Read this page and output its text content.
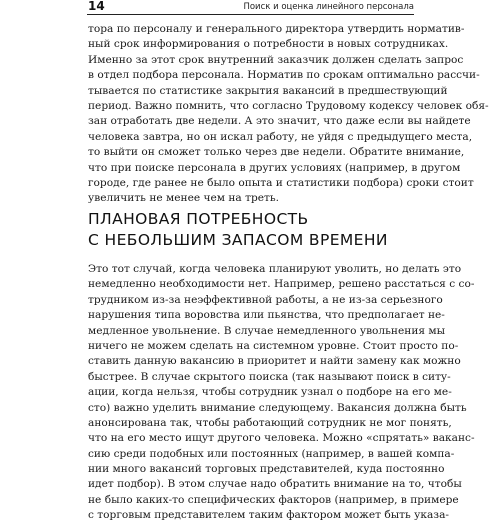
14	Поиск и оценка линейного персонала
тора по персоналу и генерального директора утвердить норматив-
ный срок информирования о потребности в новых сотрудниках.
Именно за этот срок внутренний заказчик должен сделать запрос
в отдел подбора персонала. Норматив по срокам оптимально рассчи-
тывается по статистике закрытия вакансий в предшествующий
период. Важно помнить, что согласно Трудовому кодексу человек обя-
зан отработать две недели. А это значит, что даже если вы найдете
человека завтра, но он искал работу, не уйдя с предыдущего места,
то выйти он сможет только через две недели. Обратите внимание,
что при поиске персонала в других условиях (например, в другом
городе, где ранее не было опыта и статистики подбора) сроки стоит
увеличить не менее чем на треть.
ПЛАНОВАЯ ПОТРЕБНОСТЬ
С НЕБОЛЬШИМ ЗАПАСОМ ВРЕМЕНИ
Это тот случай, когда человека планируют уволить, но делать это
немедленно необходимости нет. Например, решено расстаться с со-
трудником из-за неэффективной работы, а не из-за серьезного
нарушения типа воровства или пьянства, что предполагает не-
медленное увольнение. В случае немедленного увольнения мы
ничего не можем сделать на системном уровне. Стоит просто по-
ставить данную вакансию в приоритет и найти замену как можно
быстрее. В случае скрытого поиска (так называют поиск в ситу-
ации, когда нельзя, чтобы сотрудник узнал о подборе на его ме-
сто) важно уделить внимание следующему. Вакансия должна быть
анонсирована так, чтобы работающий сотрудник не мог понять,
что на его место ищут другого человека. Можно «спрятать» ваканс-
сию среди подобных или постоянных (например, в вашей компа-
нии много вакансий торговых представителей, куда постоянно
идет подбор). В этом случае надо обратить внимание на то, чтобы
не было каких-то специфических факторов (например, в примере
с торговым представителем таким фактором может быть указа-
